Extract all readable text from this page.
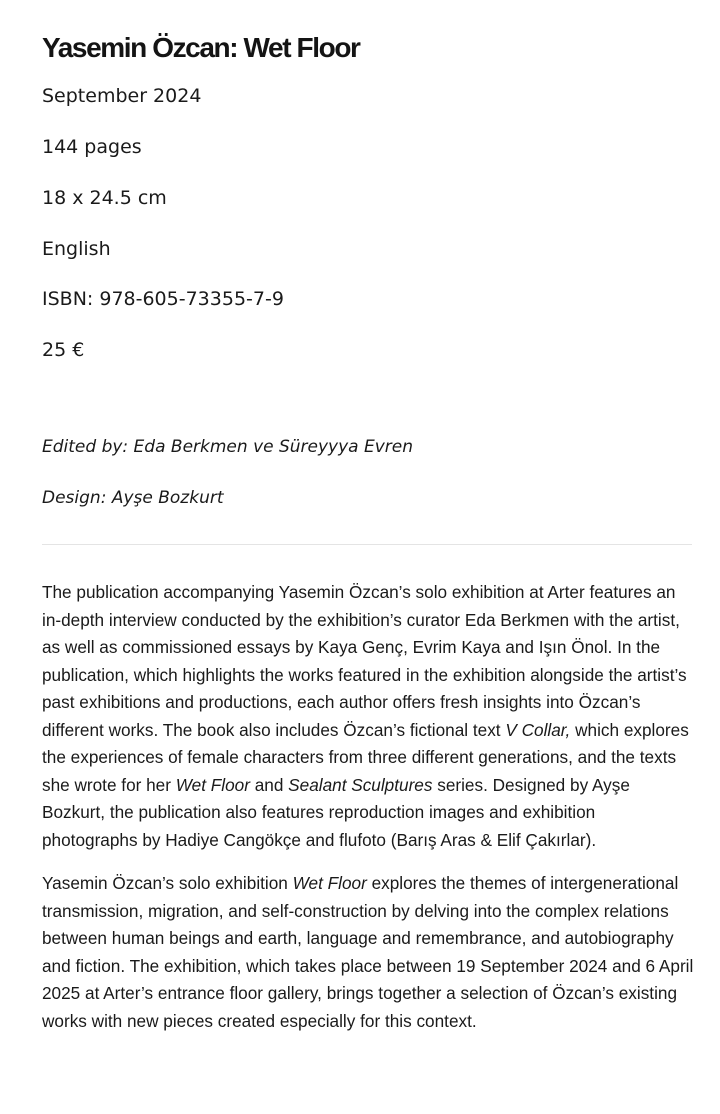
Yasemin Özcan: Wet Floor

September 2024

144 pages

18 x 24.5 cm

English

ISBN: 978-605-73355-7-9

25 €

Edited by: Eda Berkmen ve Süreyyya Evren

Design: Ayşe Bozkurt

The publication accompanying Yasemin Özcan’s solo exhibition at Arter features an in-depth interview conducted by the exhibition’s curator Eda Berkmen with the artist, as well as commissioned essays by Kaya Genç, Evrim Kaya and Işın Önol. In the publication, which highlights the works featured in the exhibition alongside the artist’s past exhibitions and productions, each author offers fresh insights into Özcan’s different works. The book also includes Özcan’s fictional text V Collar, which explores the experiences of female characters from three different generations, and the texts she wrote for her Wet Floor and Sealant Sculptures series. Designed by Ayşe Bozkurt, the publication also features reproduction images and exhibition photographs by Hadiye Cangökçe and flufoto (Barış Aras & Elif Çakırlar).

Yasemin Özcan’s solo exhibition Wet Floor explores the themes of intergenerational transmission, migration, and self-construction by delving into the complex relations between human beings and earth, language and remembrance, and autobiography and fiction. The exhibition, which takes place between 19 September 2024 and 6 April 2025 at Arter’s entrance floor gallery, brings together a selection of Özcan’s existing works with new pieces created especially for this context.
